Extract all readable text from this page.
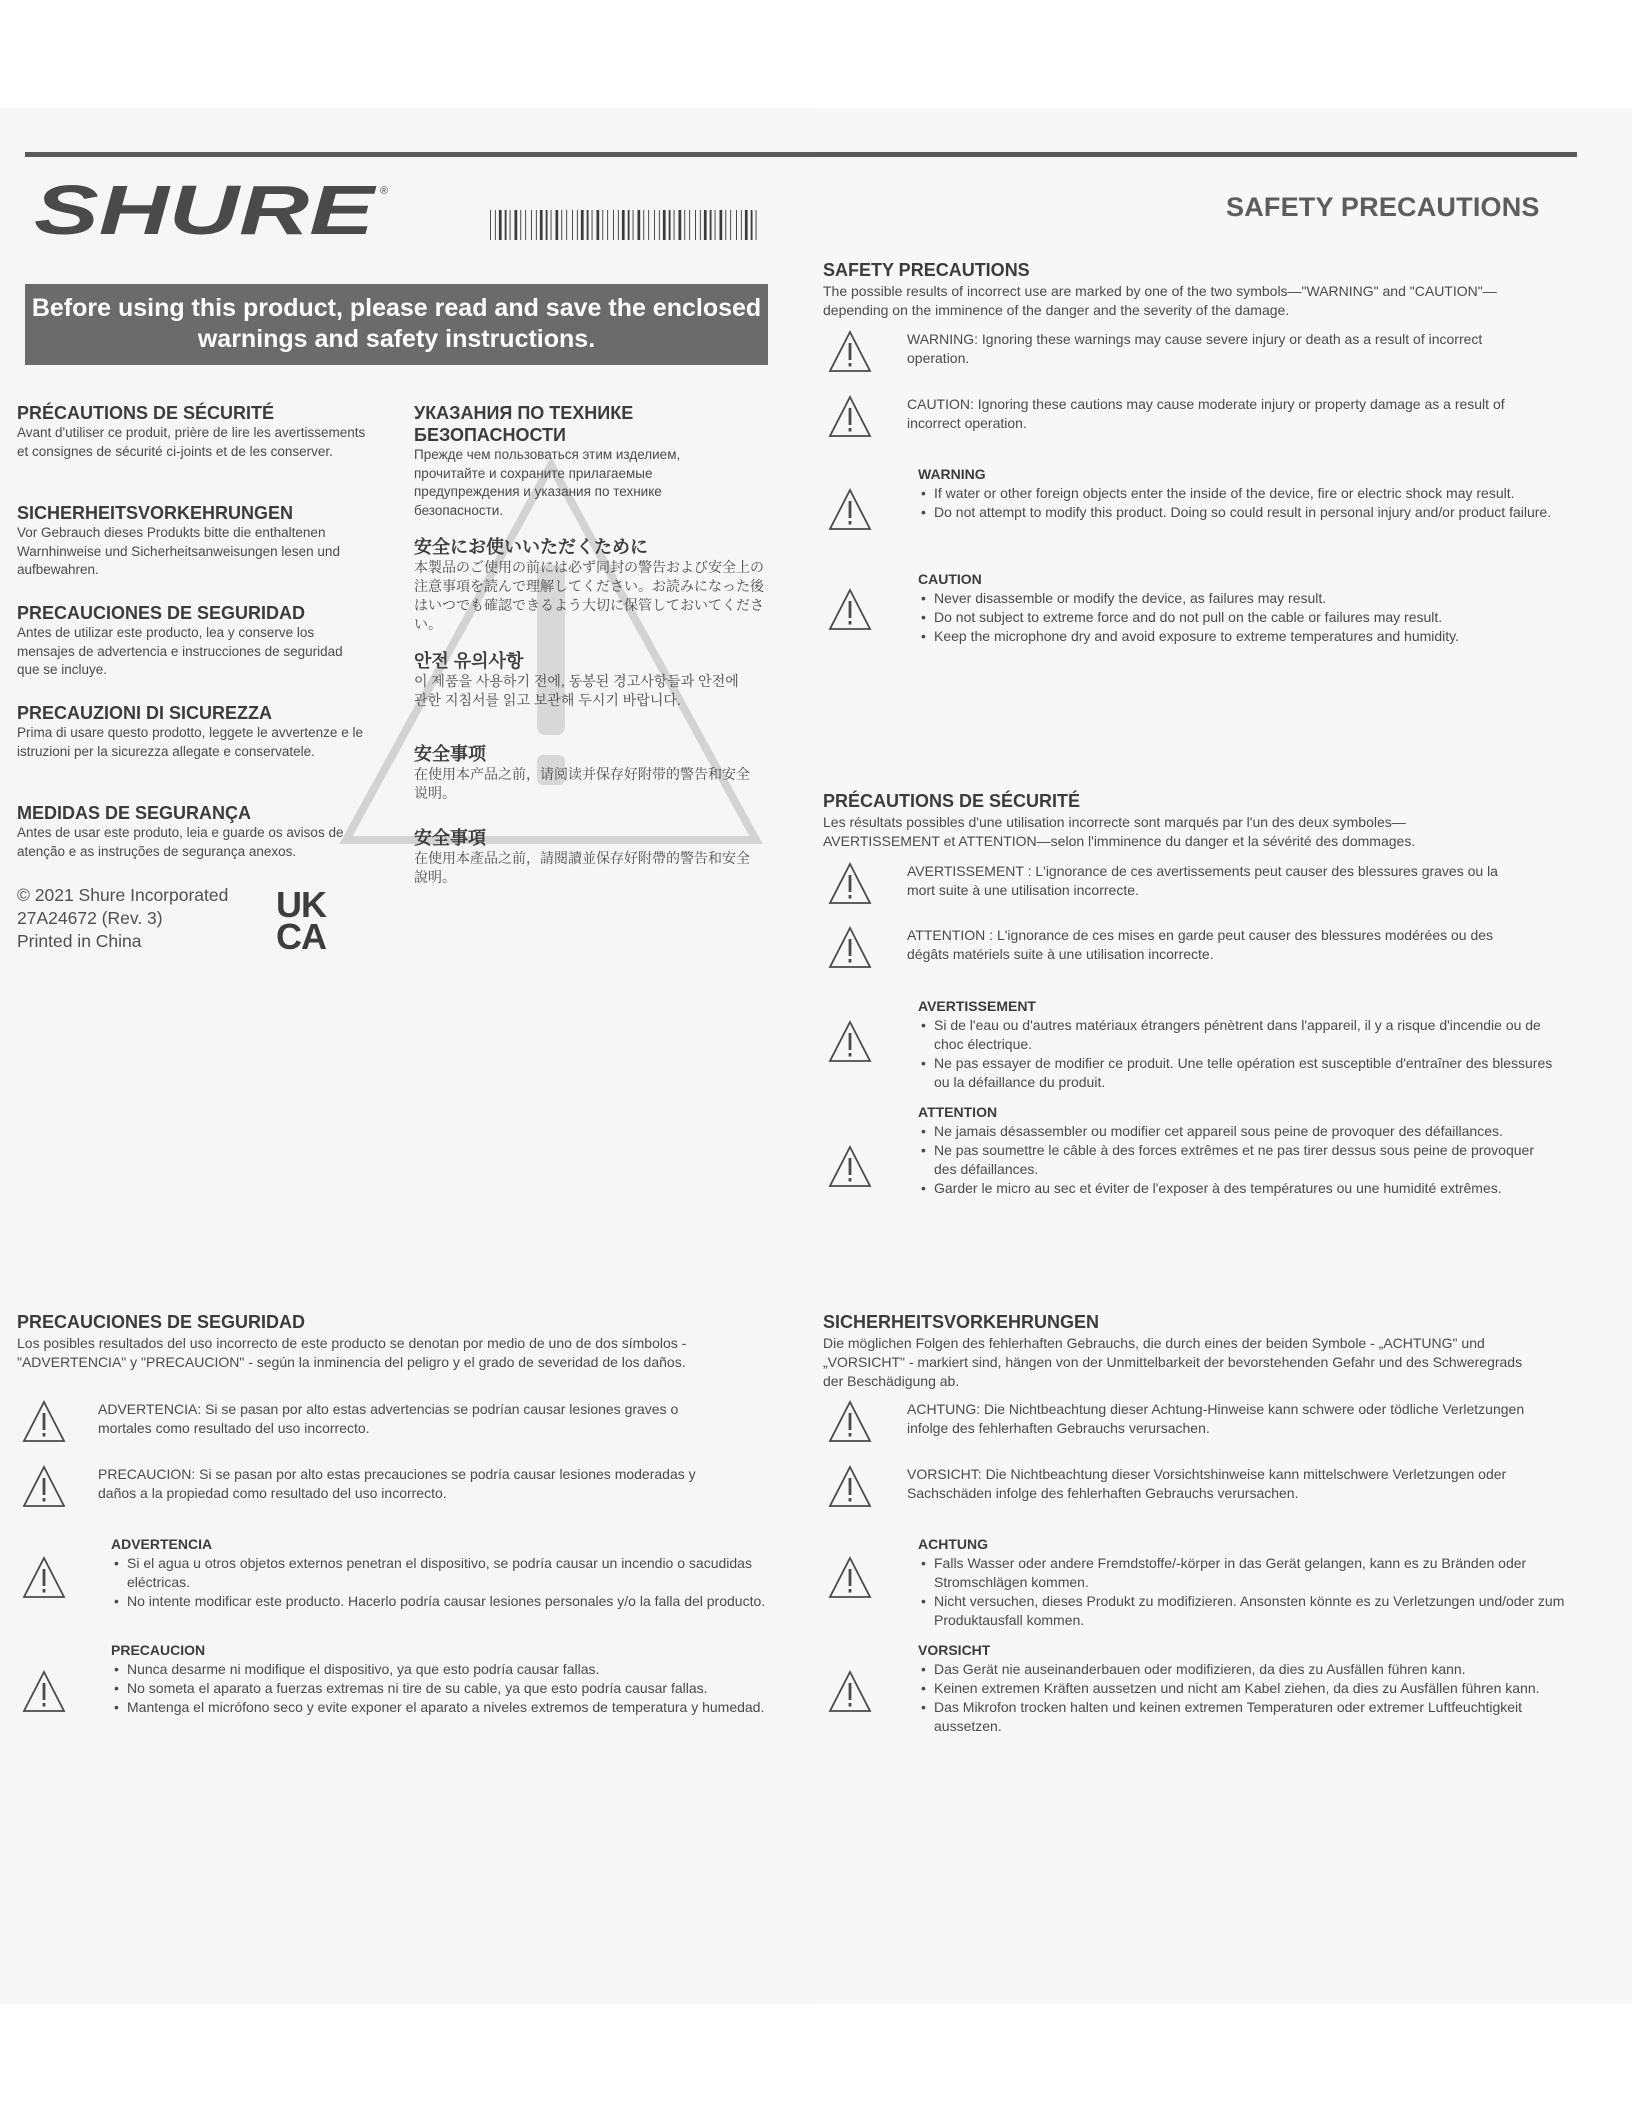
SHURE ®
SAFETY PRECAUTIONS
Before using this product, please read and save the enclosed warnings and safety instructions.
PRÉCAUTIONS DE SÉCURITÉ
Avant d'utiliser ce produit, prière de lire les avertissements et consignes de sécurité ci-joints et de les conserver.
SICHERHEITSVORKEHRUNGEN
Vor Gebrauch dieses Produkts bitte die enthaltenen Warnhinweise und Sicherheitsanweisungen lesen und aufbewahren.
PRECAUCIONES DE SEGURIDAD
Antes de utilizar este producto, lea y conserve los mensajes de advertencia e instrucciones de seguridad que se incluye.
PRECAUZIONI DI SICUREZZA
Prima di usare questo prodotto, leggete le avvertenze e le istruzioni per la sicurezza allegate e conservatele.
MEDIDAS DE SEGURANÇA
Antes de usar este produto, leia e guarde os avisos de atenção e as instruções de segurança anexos.
УКАЗАНИЯ ПО ТЕХНИКЕ БЕЗОПАСНОСТИ
Прежде чем пользоваться этим изделием, прочитайте и сохраните прилагаемые предупреждения и указания по технике безопасности.
安全にお使いいただくために
本製品のご使用の前には必ず同封の警告および安全上の注意事項を読んで理解してください。お読みになった後はいつでも確認できるよう大切に保管しておいてください。
안전 유의사항
이 제품을 사용하기 전에, 동봉된 경고사항들과 안전에 관한 지침서를 읽고 보관해 두시기 바랍니다.
安全事项
在使用本产品之前，请阅读并保存好附带的警告和安全说明。
安全事項
在使用本產品之前，請閱讀並保存好附帶的警告和安全說明。
© 2021 Shure Incorporated
27A24672 (Rev. 3)
Printed in China
UK
CA
SAFETY PRECAUTIONS
The possible results of incorrect use are marked by one of the two symbols—"WARNING" and "CAUTION"—depending on the imminence of the danger and the severity of the damage.
WARNING: Ignoring these warnings may cause severe injury or death as a result of incorrect operation.
CAUTION: Ignoring these cautions may cause moderate injury or property damage as a result of incorrect operation.
WARNING
• If water or other foreign objects enter the inside of the device, fire or electric shock may result.
• Do not attempt to modify this product. Doing so could result in personal injury and/or product failure.
CAUTION
• Never disassemble or modify the device, as failures may result.
• Do not subject to extreme force and do not pull on the cable or failures may result.
• Keep the microphone dry and avoid exposure to extreme temperatures and humidity.
PRÉCAUTIONS DE SÉCURITÉ
Les résultats possibles d'une utilisation incorrecte sont marqués par l'un des deux symboles—AVERTISSEMENT et ATTENTION—selon l'imminence du danger et la sévérité des dommages.
AVERTISSEMENT : L'ignorance de ces avertissements peut causer des blessures graves ou la mort suite à une utilisation incorrecte.
ATTENTION : L'ignorance de ces mises en garde peut causer des blessures modérées ou des dégâts matériels suite à une utilisation incorrecte.
AVERTISSEMENT
• Si de l'eau ou d'autres matériaux étrangers pénètrent dans l'appareil, il y a risque d'incendie ou de choc électrique.
• Ne pas essayer de modifier ce produit. Une telle opération est susceptible d'entraîner des blessures ou la défaillance du produit.
ATTENTION
• Ne jamais désassembler ou modifier cet appareil sous peine de provoquer des défaillances.
• Ne pas soumettre le câble à des forces extrêmes et ne pas tirer dessus sous peine de provoquer des défaillances.
• Garder le micro au sec et éviter de l'exposer à des températures ou une humidité extrêmes.
PRECAUCIONES DE SEGURIDAD
Los posibles resultados del uso incorrecto de este producto se denotan por medio de uno de dos símbolos - "ADVERTENCIA" y "PRECAUCION" - según la inminencia del peligro y el grado de severidad de los daños.
ADVERTENCIA: Si se pasan por alto estas advertencias se podrían causar lesiones graves o mortales como resultado del uso incorrecto.
PRECAUCION: Si se pasan por alto estas precauciones se podría causar lesiones moderadas y daños a la propiedad como resultado del uso incorrecto.
ADVERTENCIA
• Si el agua u otros objetos externos penetran el dispositivo, se podría causar un incendio o sacudidas eléctricas.
• No intente modificar este producto. Hacerlo podría causar lesiones personales y/o la falla del producto.
PRECAUCION
• Nunca desarme ni modifique el dispositivo, ya que esto podría causar fallas.
• No someta el aparato a fuerzas extremas ni tire de su cable, ya que esto podría causar fallas.
• Mantenga el micrófono seco y evite exponer el aparato a niveles extremos de temperatura y humedad.
SICHERHEITSVORKEHRUNGEN
Die möglichen Folgen des fehlerhaften Gebrauchs, die durch eines der beiden Symbole - „ACHTUNG" und „VORSICHT" - markiert sind, hängen von der Unmittelbarkeit der bevorstehenden Gefahr und des Schweregrads der Beschädigung ab.
ACHTUNG: Die Nichtbeachtung dieser Achtung-Hinweise kann schwere oder tödliche Verletzungen infolge des fehlerhaften Gebrauchs verursachen.
VORSICHT: Die Nichtbeachtung dieser Vorsichtshinweise kann mittelschwere Verletzungen oder Sachschäden infolge des fehlerhaften Gebrauchs verursachen.
ACHTUNG
• Falls Wasser oder andere Fremdstoffe/-körper in das Gerät gelangen, kann es zu Bränden oder Stromschlägen kommen.
• Nicht versuchen, dieses Produkt zu modifizieren. Ansonsten könnte es zu Verletzungen und/oder zum Produktausfall kommen.
VORSICHT
• Das Gerät nie auseinanderbauen oder modifizieren, da dies zu Ausfällen führen kann.
• Keinen extremen Kräften aussetzen und nicht am Kabel ziehen, da dies zu Ausfällen führen kann.
• Das Mikrofon trocken halten und keinen extremen Temperaturen oder extremer Luftfeuchtigkeit aussetzen.
